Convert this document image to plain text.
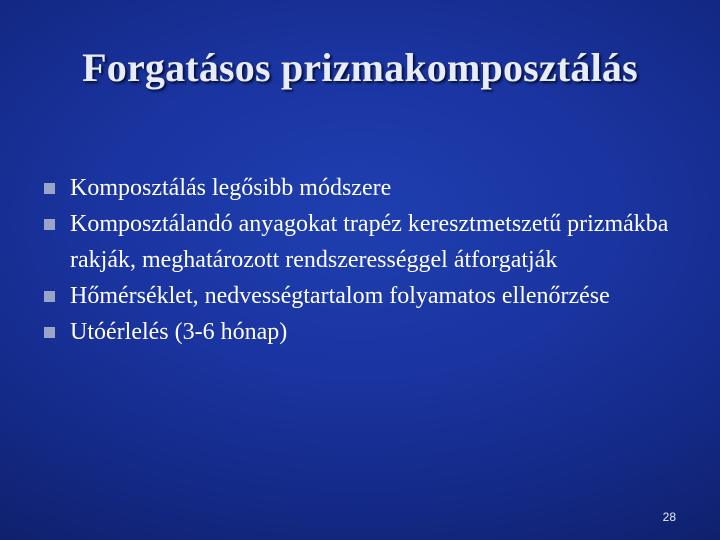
Forgatásos prizmakomposztálás
Komposztálás legősibb módszere
Komposztálandó anyagokat trapéz keresztmetszetű prizmákba rakják, meghatározott rendszerességgel átforgatják
Hőmérséklet, nedvességtartalom folyamatos ellenőrzése
Utóérlelés (3-6 hónap)
28
